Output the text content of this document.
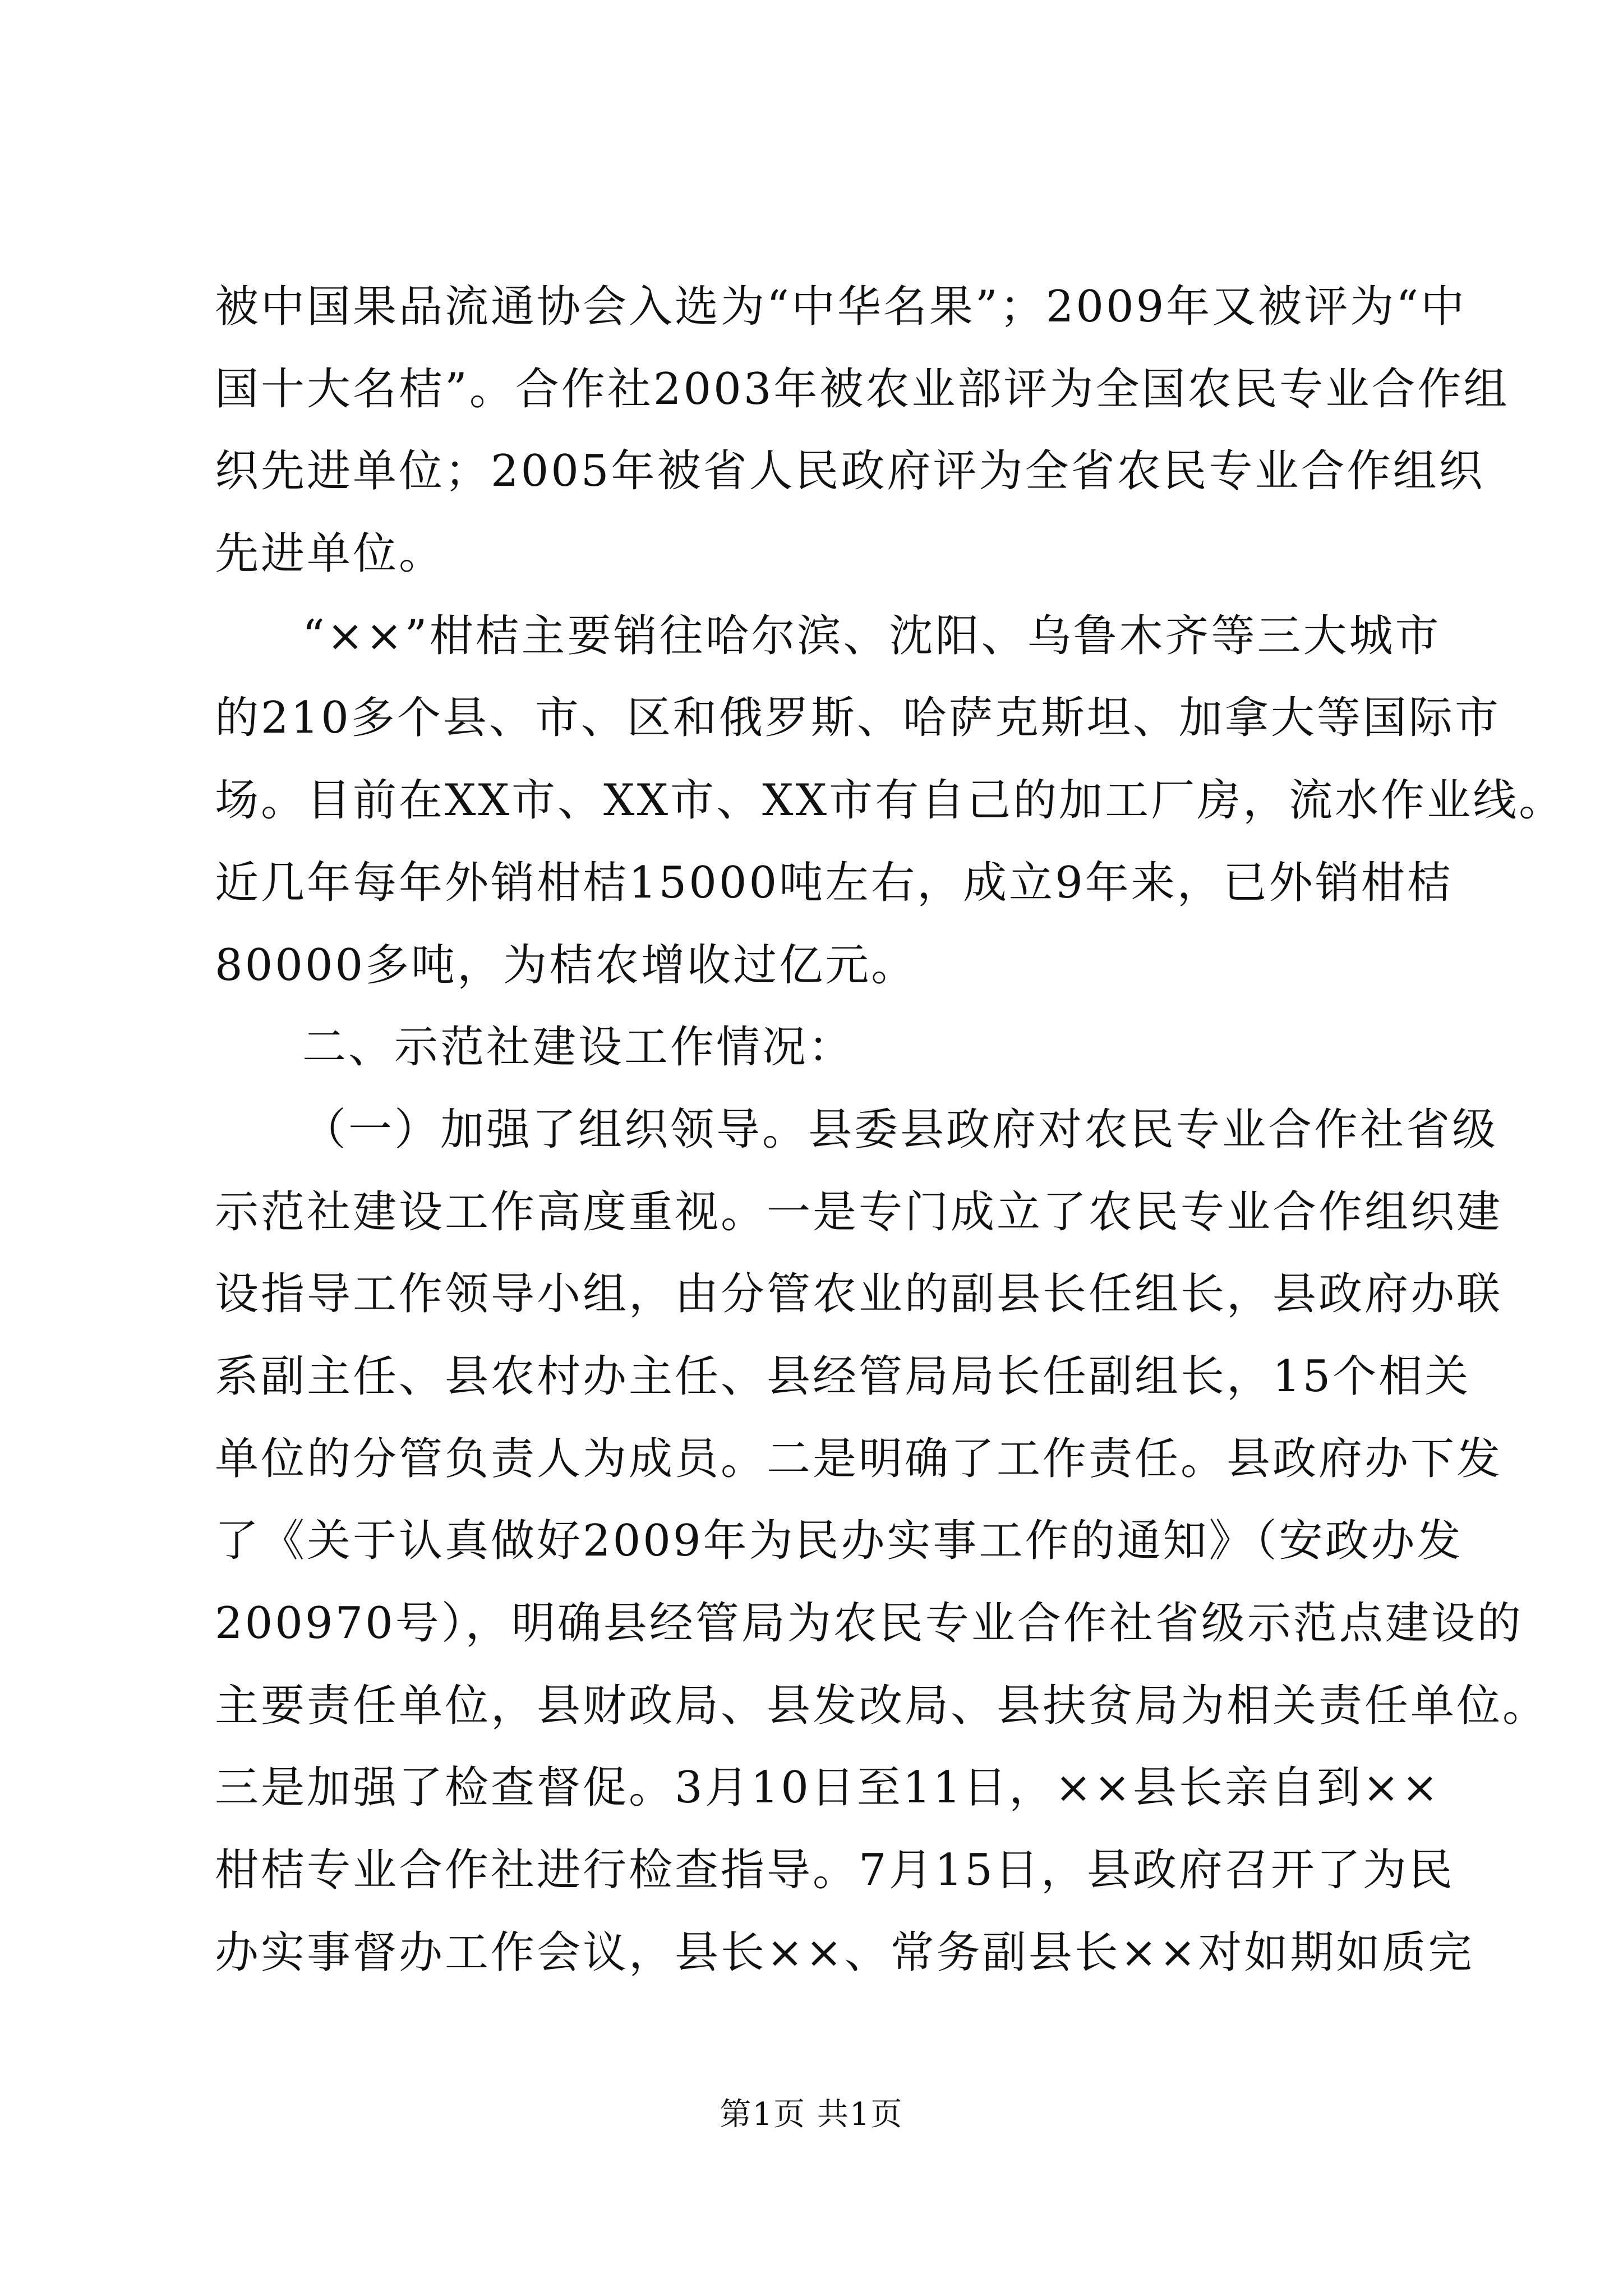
被中国果品流通协会入选为“中华名果”；2009年又被评为“中
国十大名桔”。合作社2003年被农业部评为全国农民专业合作组
织先进单位；2005年被省人民政府评为全省农民专业合作组织
先进单位。
“××”柑桔主要销往哈尔滨、沈阳、乌鲁木齐等三大城市
的210多个县、市、区和俄罗斯、哈萨克斯坦、加拿大等国际市
场。目前在XX市、XX市、XX市有自己的加工厂房，流水作业线。
近几年每年外销柑桔15000吨左右，成立9年来，已外销柑桔
80000多吨，为桔农增收过亿元。
二、示范社建设工作情况：
（一）加强了组织领导。县委县政府对农民专业合作社省级
示范社建设工作高度重视。一是专门成立了农民专业合作组织建
设指导工作领导小组，由分管农业的副县长任组长，县政府办联
系副主任、县农村办主任、县经管局局长任副组长，15个相关
单位的分管负责人为成员。二是明确了工作责任。县政府办下发
了《关于认真做好2009年为民办实事工作的通知》（安政办发
200970号），明确县经管局为农民专业合作社省级示范点建设的
主要责任单位，县财政局、县发改局、县扶贫局为相关责任单位。
三是加强了检查督促。3月10日至11日，××县长亲自到××
柑桔专业合作社进行检查指导。7月15日，县政府召开了为民
办实事督办工作会议，县长××、常务副县长××对如期如质完
第1页 共1页
